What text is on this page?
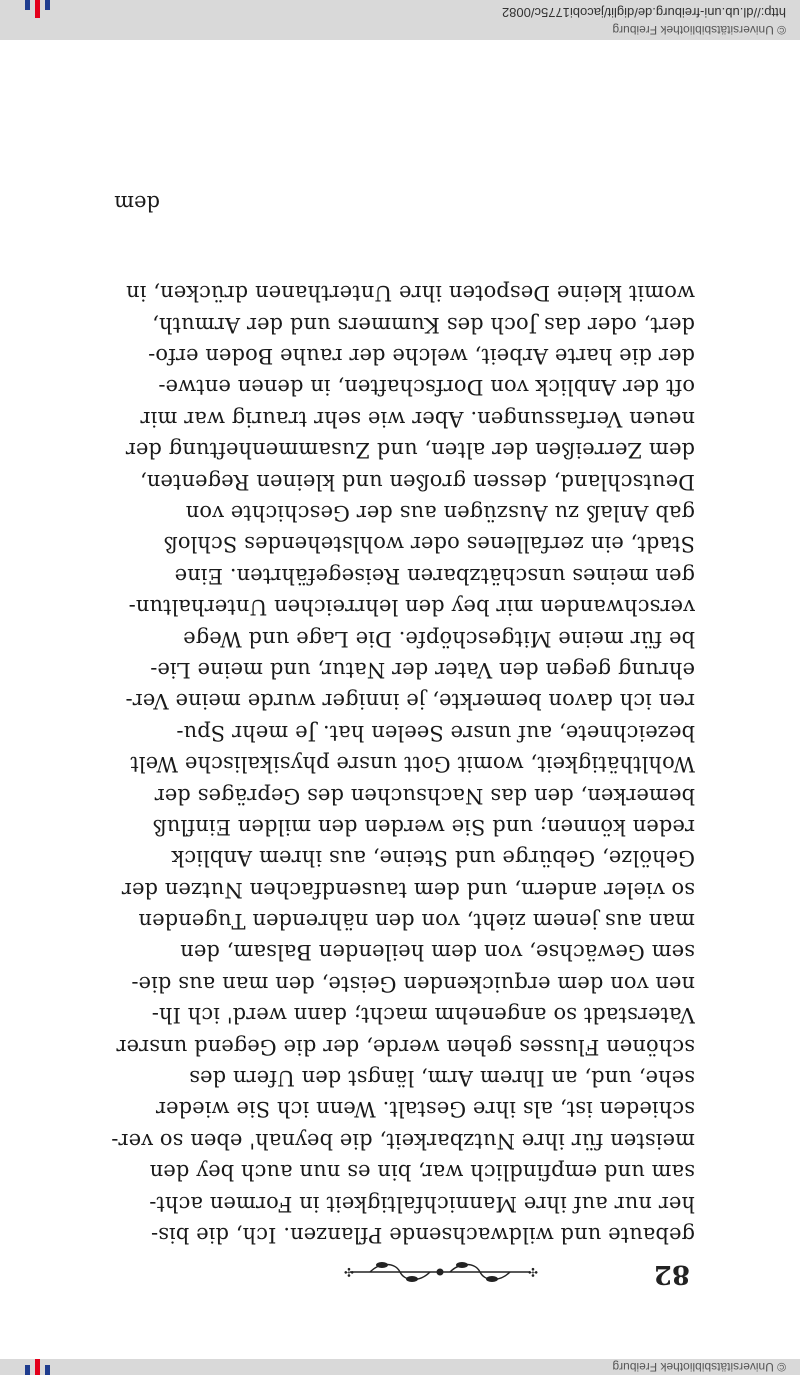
© Universitätsbibliothek Freiburg
82
✣
✣
gebaute und wildwachsende Pflanzen. Ich, die bis-
her nur auf ihre Mannichfaltigkeit in Formen acht-
sam und empfindlich war, bin es nun auch bey den
meisten für ihre Nutzbarkeit, die beynah' eben so ver-
schieden ist, als ihre Gestalt. Wenn ich Sie wieder
sehe, und, an Ihrem Arm, längst den Ufern des
schönen Flusses gehen werde, der die Gegend unsrer
Vaterstadt so angenehm macht; dann werd' ich Ih-
nen von dem erquickenden Geiste, den man aus die-
sem Gewächse, von dem heilenden Balsam, den
man aus jenem zieht, von den nährenden Tugenden
so vieler andern, und dem tausendfachen Nutzen der
Gehölze, Gebürge und Steine, aus ihrem Anblick
reden können; und Sie werden den milden Einfluß
bemerken, den das Nachsuchen des Gepräges der
Wohlthätigkeit, womit Gott unsre physikalische Welt
bezeichnete, auf unsre Seelen hat. Je mehr Spu-
ren ich davon bemerkte, je inniger wurde meine Ver-
ehrung gegen den Vater der Natur, und meine Lie-
be für meine Mitgeschöpfe. Die Lage und Wege
verschwanden mir bey den lehrreichen Unterhaltun-
gen meines unschätzbaren Reisegefährten. Eine
Stadt, ein zerfallenes oder wohlstehendes Schloß
gab Anlaß zu Auszügen aus der Geschichte von
Deutschland, dessen großen und kleinen Regenten,
dem Zerreißen der alten, und Zusammenheftung der
neuen Verfassungen. Aber wie sehr traurig war mir
oft der Anblick von Dorfschaften, in denen entwe-
der die harte Arbeit, welche der rauhe Boden erfo-
dert, oder das Joch des Kummers und der Armuth,
womit kleine Despoten ihre Unterthanen drücken, in
dem
© Universitätsbibliothek Freiburg
http://dl.ub.uni-freiburg.de/diglit/jacobi1775c/0082
